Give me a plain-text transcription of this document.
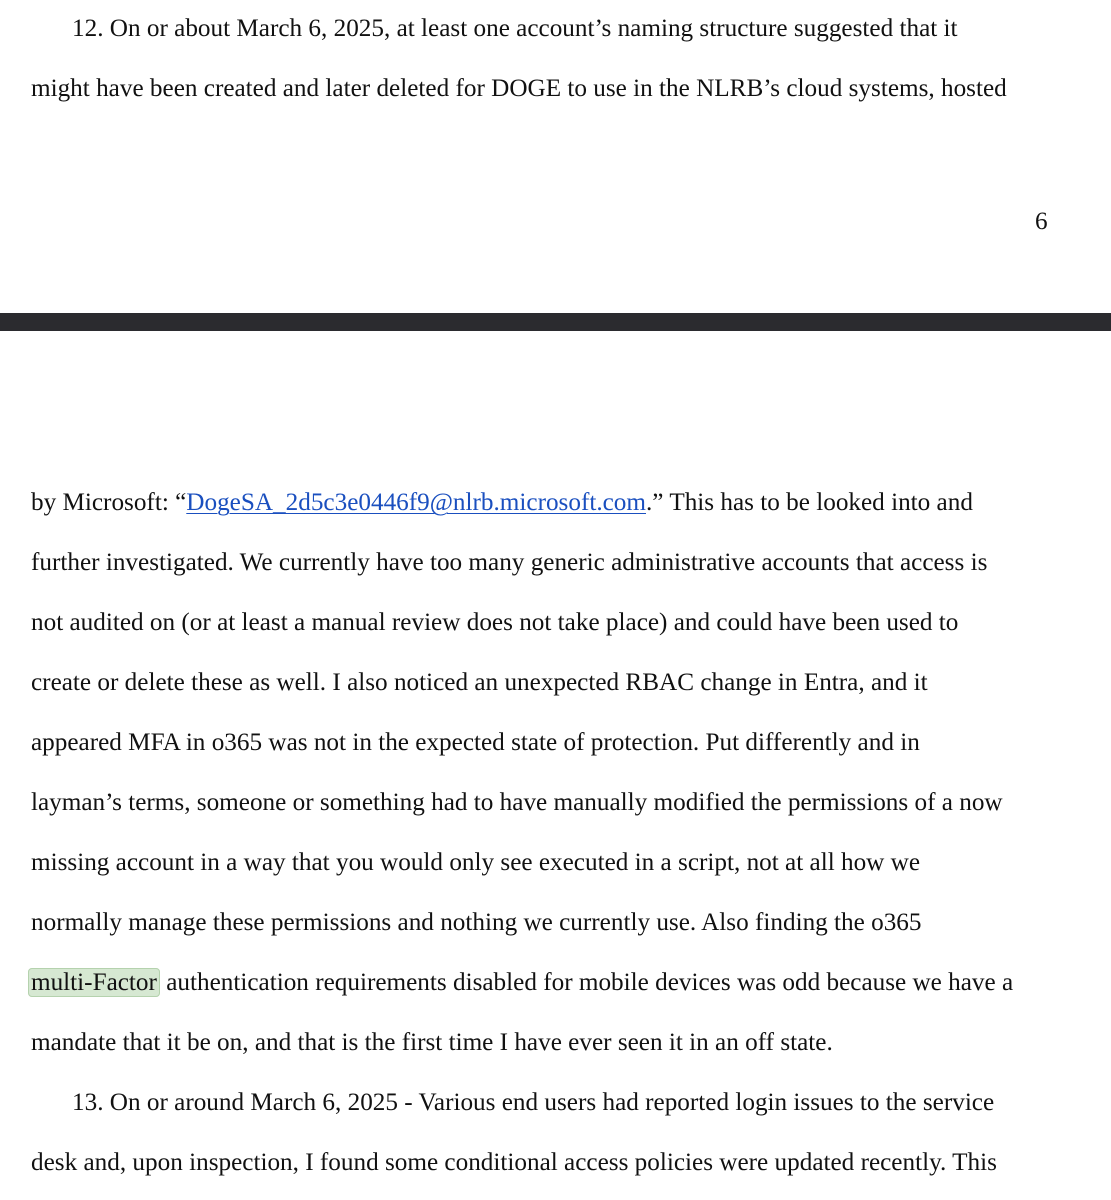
12. On or about March 6, 2025, at least one account’s naming structure suggested that it

might have been created and later deleted for DOGE to use in the NLRB’s cloud systems, hosted

6

by Microsoft: “DogeSA_2d5c3e0446f9@nlrb.microsoft.com.” This has to be looked into and

further investigated. We currently have too many generic administrative accounts that access is

not audited on (or at least a manual review does not take place) and could have been used to

create or delete these as well. I also noticed an unexpected RBAC change in Entra, and it

appeared MFA in o365 was not in the expected state of protection. Put differently and in

layman’s terms, someone or something had to have manually modified the permissions of a now

missing account in a way that you would only see executed in a script, not at all how we

normally manage these permissions and nothing we currently use. Also finding the o365

multi-Factor authentication requirements disabled for mobile devices was odd because we have a

mandate that it be on, and that is the first time I have ever seen it in an off state.

13. On or around March 6, 2025 - Various end users had reported login issues to the service

desk and, upon inspection, I found some conditional access policies were updated recently. This
